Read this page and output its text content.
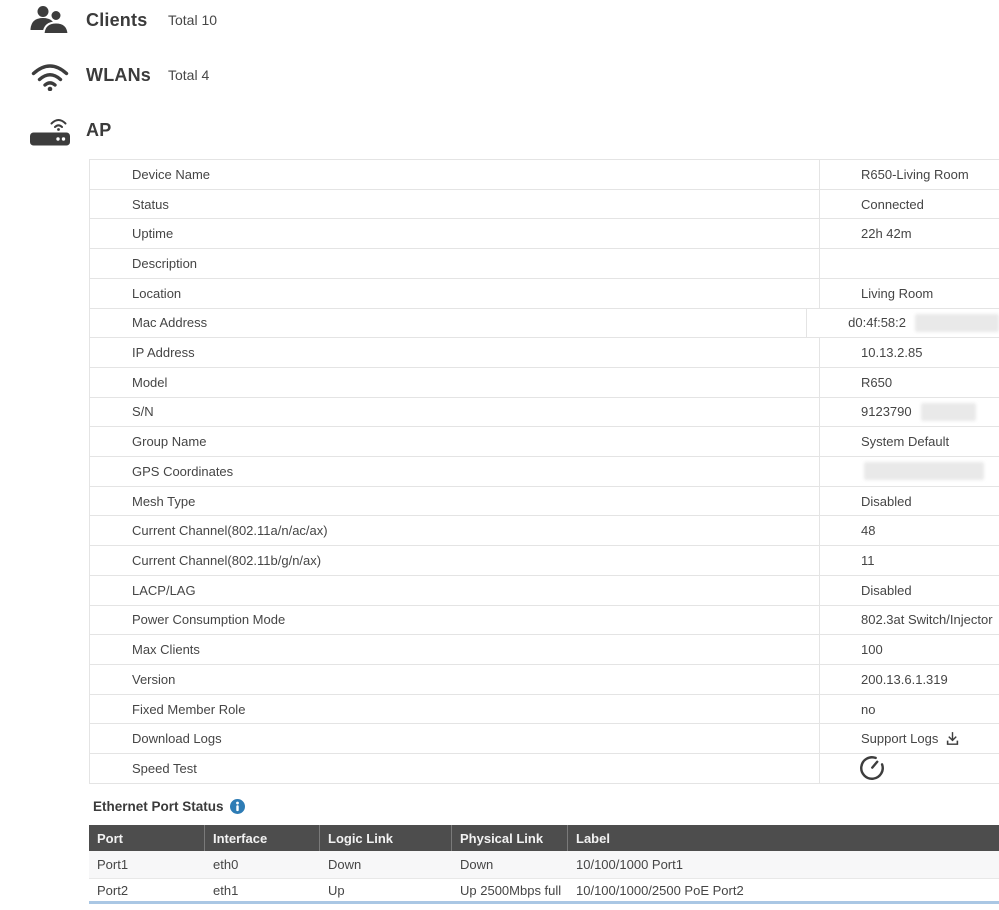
Clients	Total 10
WLANs	Total 4
AP
Device Name	R650-Living Room
Status	Connected
Uptime	22h 42m
Description
Location	Living Room
Mac Address	d0:4f:58:2
IP Address	10.13.2.85
Model	R650
S/N	9123790
Group Name	System Default
GPS Coordinates
Mesh Type	Disabled
Current Channel(802.11a/n/ac/ax)	48
Current Channel(802.11b/g/n/ax)	11
LACP/LAG	Disabled
Power Consumption Mode	802.3at Switch/Injector
Max Clients	100
Version	200.13.6.1.319
Fixed Member Role	no
Download Logs	Support Logs
Speed Test
Ethernet Port Status
Port	Interface	Logic Link	Physical Link	Label
Port1	eth0	Down	Down	10/100/1000 Port1
Port2	eth1	Up	Up 2500Mbps full	10/100/1000/2500 PoE Port2
